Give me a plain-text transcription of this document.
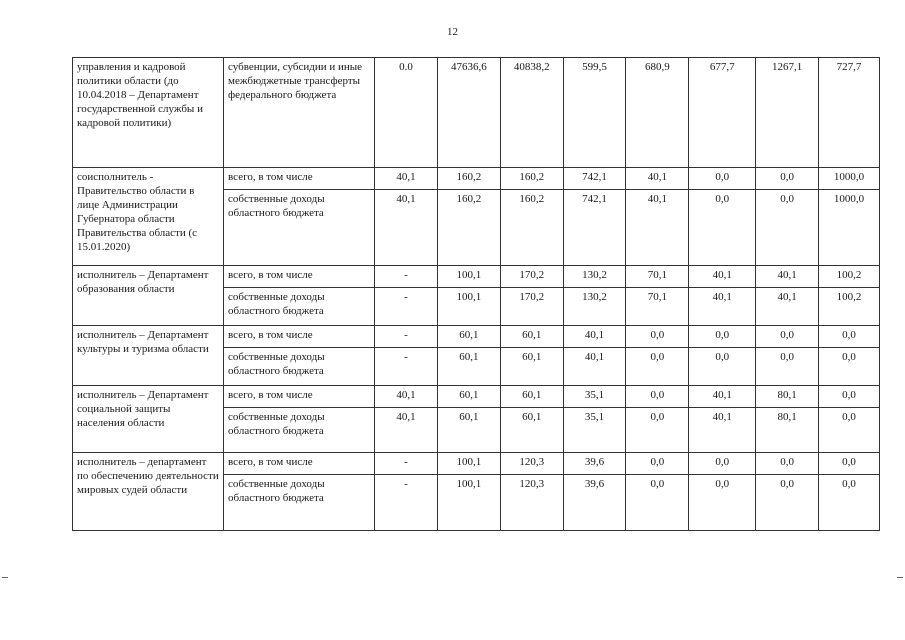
12
управления и кадровой политики области (до 10.04.2018 – Департамент государственной службы и кадровой политики)	субвенции, субсидии и иные межбюджетные трансферты федерального бюджета	0.0	47636,6	40838,2	599,5	680,9	677,7	1267,1	727,7
соисполнитель - Правительство области в лице Администрации Губернатора области Правительства области (с 15.01.2020)	всего, в том числе	40,1	160,2	160,2	742,1	40,1	0,0	0,0	1000,0
	собственные доходы областного бюджета	40,1	160,2	160,2	742,1	40,1	0,0	0,0	1000,0
исполнитель – Департамент образования области	всего, в том числе	-	100,1	170,2	130,2	70,1	40,1	40,1	100,2
	собственные доходы областного бюджета	-	100,1	170,2	130,2	70,1	40,1	40,1	100,2
исполнитель – Департамент культуры и туризма области	всего, в том числе	-	60,1	60,1	40,1	0,0	0,0	0,0	0,0
	собственные доходы областного бюджета	-	60,1	60,1	40,1	0,0	0,0	0,0	0,0
исполнитель – Департамент социальной защиты населения области	всего, в том числе	40,1	60,1	60,1	35,1	0,0	40,1	80,1	0,0
	собственные доходы областного бюджета	40,1	60,1	60,1	35,1	0,0	40,1	80,1	0,0
исполнитель – департамент по обеспечению деятельности мировых судей области	всего, в том числе	-	100,1	120,3	39,6	0,0	0,0	0,0	0,0
	собственные доходы областного бюджета	-	100,1	120,3	39,6	0,0	0,0	0,0	0,0
